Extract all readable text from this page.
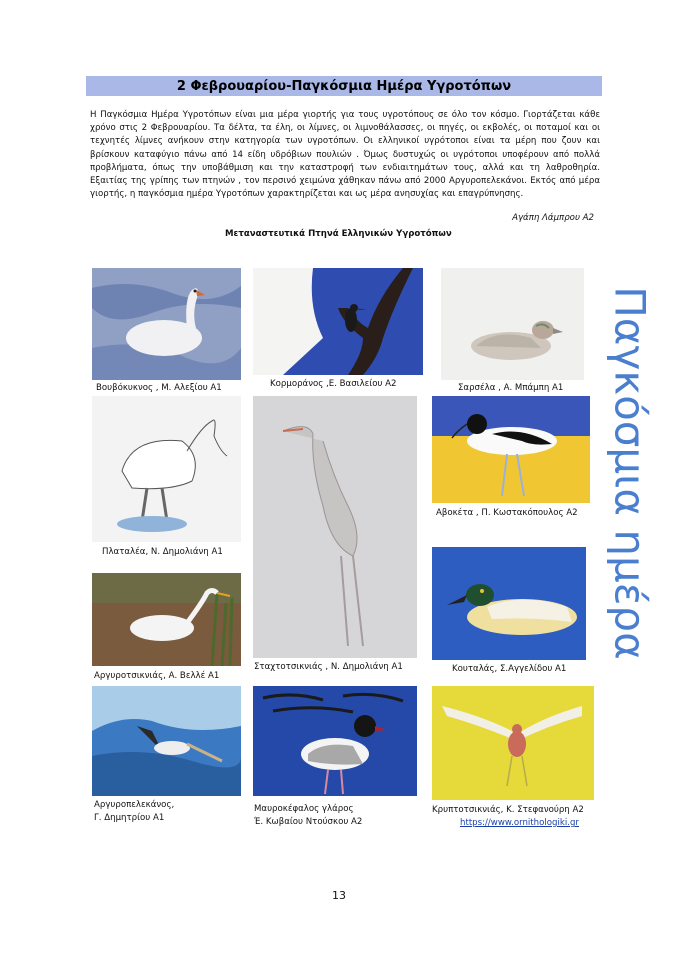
2 Φεβρουαρίου-Παγκόσμια Ημέρα Υγροτόπων
Η Παγκόσμια Ημέρα Υγροτόπων είναι μια μέρα γιορτής για τους υγροτόπους σε όλο τον κόσμο. Γιορτάζεται κάθε χρόνο στις 2 Φεβρουαρίου. Τα δέλτα, τα έλη, οι λίμνες, οι λιμνοθάλασσες, οι πηγές, οι εκβολές, οι ποταμοί και οι τεχνητές λίμνες ανήκουν στην κατηγορία των υγροτόπων. Οι ελληνικοί υγρότοποι είναι τα μέρη που ζουν και βρίσκουν καταφύγιο πάνω από 14 είδη υδρόβιων πουλιών . Όμως δυστυχώς οι υγρότοποι υποφέρουν από πολλά προβλήματα, όπως την υποβάθμιση και την καταστροφή των ενδιαιτημάτων τους, αλλά και τη λαθροθηρία. Εξαιτίας της γρίπης των πτηνών , τον περσινό χειμώνα χάθηκαν πάνω από 2000 Αργυροπελεκάνοι. Εκτός από μέρα γιορτής, η παγκόσμια ημέρα Υγροτόπων χαρακτηρίζεται και ως μέρα ανησυχίας και επαγρύπνησης.
Αγάπη Λάμπρου Α2
Μεταναστευτικά Πτηνά Ελληνικών Υγροτόπων
Παγκόσμια ημέρα
Βουβόκυκνος , Μ. Αλεξίου Α1	Κορμοράνος ,Ε. Βασιλείου Α2	Σαρσέλα , Α. Μπάμπη Α1
Πλαταλέα, Ν. Δημολιάνη Α1
Σταχτοτσικνιάς , Ν. Δημολιάνη Α1
Αβοκέτα , Π. Κωστακόπουλος Α2
Αργυροτσικνιάς, Α. Βελλέ Α1
Κουταλάς, Σ.Αγγελίδου Α1
Αργυροπελεκάνος,
Γ. Δημητρίου Α1
Μαυροκέφαλος γλάρος
Έ. Κωβαίου Ντούσκου Α2
Κρυπτοτσικνιάς, Κ. Στεφανούρη Α2
https://www.ornithologiki.gr
13
